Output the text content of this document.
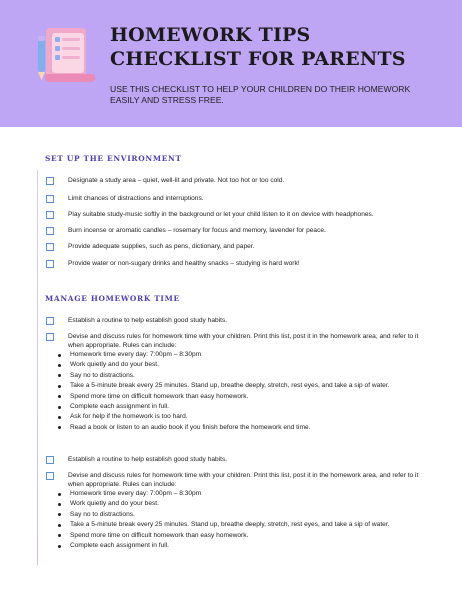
HOMEWORK TIPS
CHECKLIST FOR PARENTS

USE THIS CHECKLIST TO HELP YOUR CHILDREN DO THEIR HOMEWORK EASILY AND STRESS FREE.

SET UP THE ENVIRONMENT
Designate a study area – quiet, well-lit and private. Not too hot or too cold.
Limit chances of distractions and interruptions.
Play suitable study-music softly in the background or let your child listen to it on device with headphones.
Burn incense or aromatic candles – rosemary for focus and memory, lavender for peace.
Provide adequate supplies, such as pens, dictionary, and paper.
Provide water or non-sugary drinks and healthy snacks – studying is hard work!
MANAGE HOMEWORK TIME
Establish a routine to help establish good study habits.
Devise and discuss rules for homework time with your children. Print this list, post it in the homework area, and refer to it when appropriate. Rules can include:
Homework time every day: 7:00pm – 8:30pm
Work quietly and do your best.
Say no to distractions.
Take a 5-minute break every 25 minutes. Stand up, breathe deeply, stretch, rest eyes, and take a sip of water.
Spend more time on difficult homework than easy homework.
Complete each assignment in full.
Ask for help if the homework is too hard.
Read a book or listen to an audio book if you finish before the homework end time.
Establish a routine to help establish good study habits.
Devise and discuss rules for homework time with your children. Print this list, post it in the homework area, and refer to it when appropriate. Rules can include:
Homework time every day: 7:00pm – 8:30pm
Work quietly and do your best.
Say no to distractions.
Take a 5-minute break every 25 minutes. Stand up, breathe deeply, stretch, rest eyes, and take a sip of water.
Spend more time on difficult homework than easy homework.
Complete each assignment in full.
